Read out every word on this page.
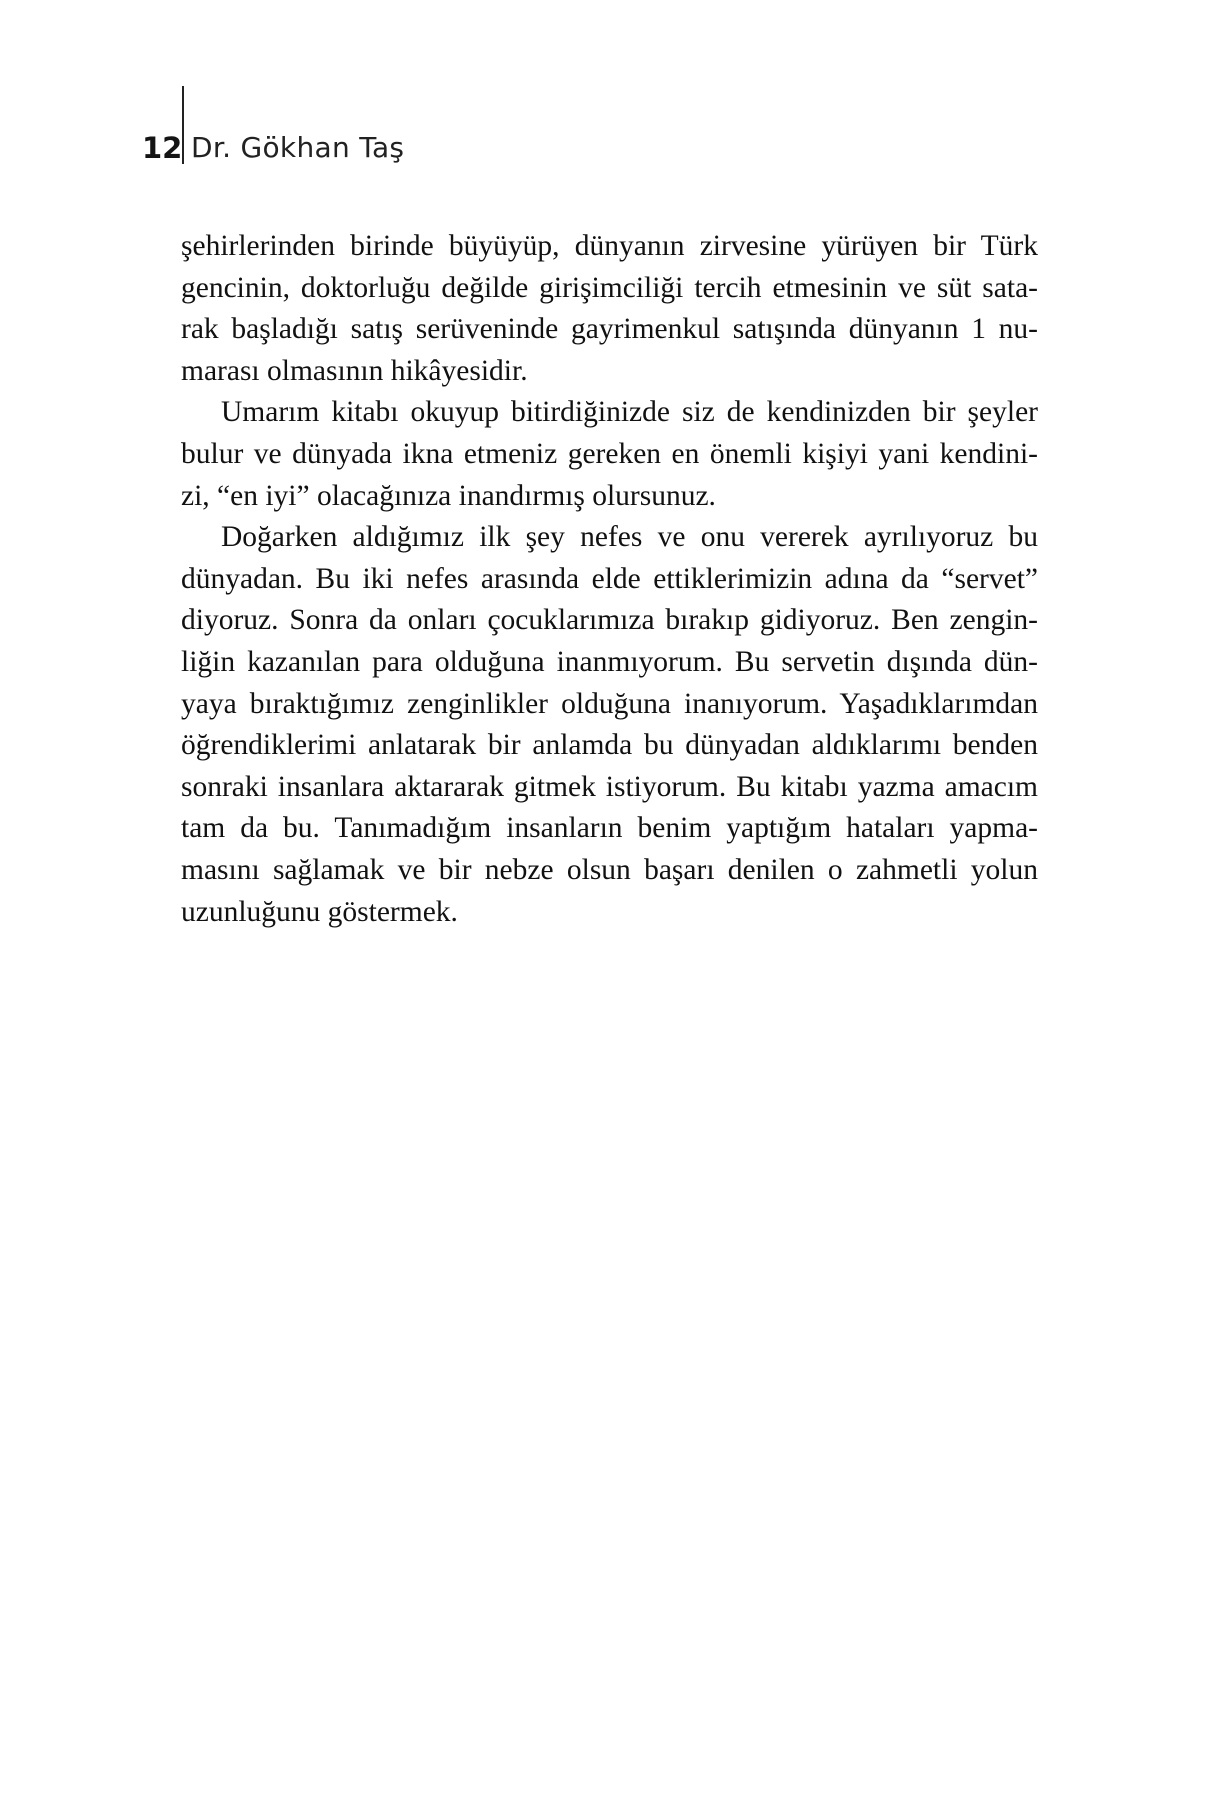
12 Dr. Gökhan Taş
şehirlerinden birinde büyüyüp, dünyanın zirvesine yürüyen bir Türk
gencinin, doktorluğu değilde girişimciliği tercih etmesinin ve süt sata-
rak başladığı satış serüveninde gayrimenkul satışında dünyanın 1 nu-
marası olmasının hikâyesidir.
Umarım kitabı okuyup bitirdiğinizde siz de kendinizden bir şeyler
bulur ve dünyada ikna etmeniz gereken en önemli kişiyi yani kendini-
zi, “en iyi” olacağınıza inandırmış olursunuz.
Doğarken aldığımız ilk şey nefes ve onu vererek ayrılıyoruz bu
dünyadan. Bu iki nefes arasında elde ettiklerimizin adına da “servet”
diyoruz. Sonra da onları çocuklarımıza bırakıp gidiyoruz. Ben zengin-
liğin kazanılan para olduğuna inanmıyorum. Bu servetin dışında dün-
yaya bıraktığımız zenginlikler olduğuna inanıyorum. Yaşadıklarımdan
öğrendiklerimi anlatarak bir anlamda bu dünyadan aldıklarımı benden
sonraki insanlara aktararak gitmek istiyorum. Bu kitabı yazma amacım
tam da bu. Tanımadığım insanların benim yaptığım hataları yapma-
masını sağlamak ve bir nebze olsun başarı denilen o zahmetli yolun
uzunluğunu göstermek.
